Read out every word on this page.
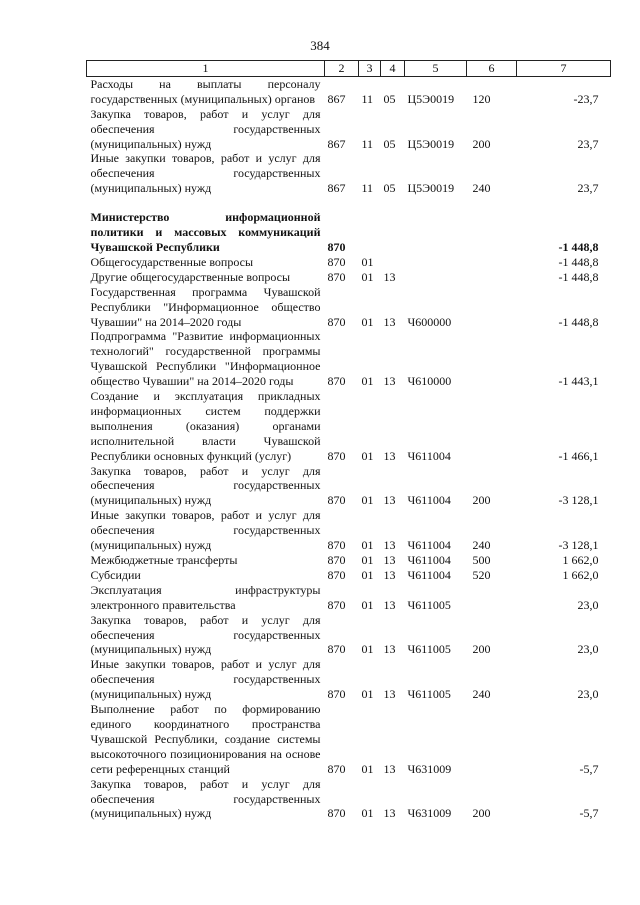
384
1	2	3	4	5	6	7
Расходы на выплаты персоналу государственных (муниципальных) органов	867	11	05	Ц5Э0019	120	-23,7
Закупка товаров, работ и услуг для обеспечения государственных (муниципальных) нужд	867	11	05	Ц5Э0019	200	23,7
Иные закупки товаров, работ и услуг для обеспечения государственных (муниципальных) нужд	867	11	05	Ц5Э0019	240	23,7

Министерство информационной политики и массовых коммуникаций Чувашской Республики	870					-1 448,8
Общегосударственные вопросы	870	01				-1 448,8
Другие общегосударственные вопросы	870	01	13			-1 448,8
Государственная программа Чувашской Республики "Информационное общество Чувашии" на 2014–2020 годы	870	01	13	Ч600000		-1 448,8
Подпрограмма "Развитие информационных технологий" государственной программы Чувашской Республики "Информационное общество Чувашии" на 2014–2020 годы	870	01	13	Ч610000		-1 443,1
Создание и эксплуатация прикладных информационных систем поддержки выполнения (оказания) органами исполнительной власти Чувашской Республики основных функций (услуг)	870	01	13	Ч611004		-1 466,1
Закупка товаров, работ и услуг для обеспечения государственных (муниципальных) нужд	870	01	13	Ч611004	200	-3 128,1
Иные закупки товаров, работ и услуг для обеспечения государственных (муниципальных) нужд	870	01	13	Ч611004	240	-3 128,1
Межбюджетные трансферты	870	01	13	Ч611004	500	1 662,0
Субсидии	870	01	13	Ч611004	520	1 662,0
Эксплуатация инфраструктуры электронного правительства	870	01	13	Ч611005		23,0
Закупка товаров, работ и услуг для обеспечения государственных (муниципальных) нужд	870	01	13	Ч611005	200	23,0
Иные закупки товаров, работ и услуг для обеспечения государственных (муниципальных) нужд	870	01	13	Ч611005	240	23,0
Выполнение работ по формированию единого координатного пространства Чувашской Республики, создание системы высокоточного позиционирования на основе сети референцных станций	870	01	13	Ч631009		-5,7
Закупка товаров, работ и услуг для обеспечения государственных (муниципальных) нужд	870	01	13	Ч631009	200	-5,7
